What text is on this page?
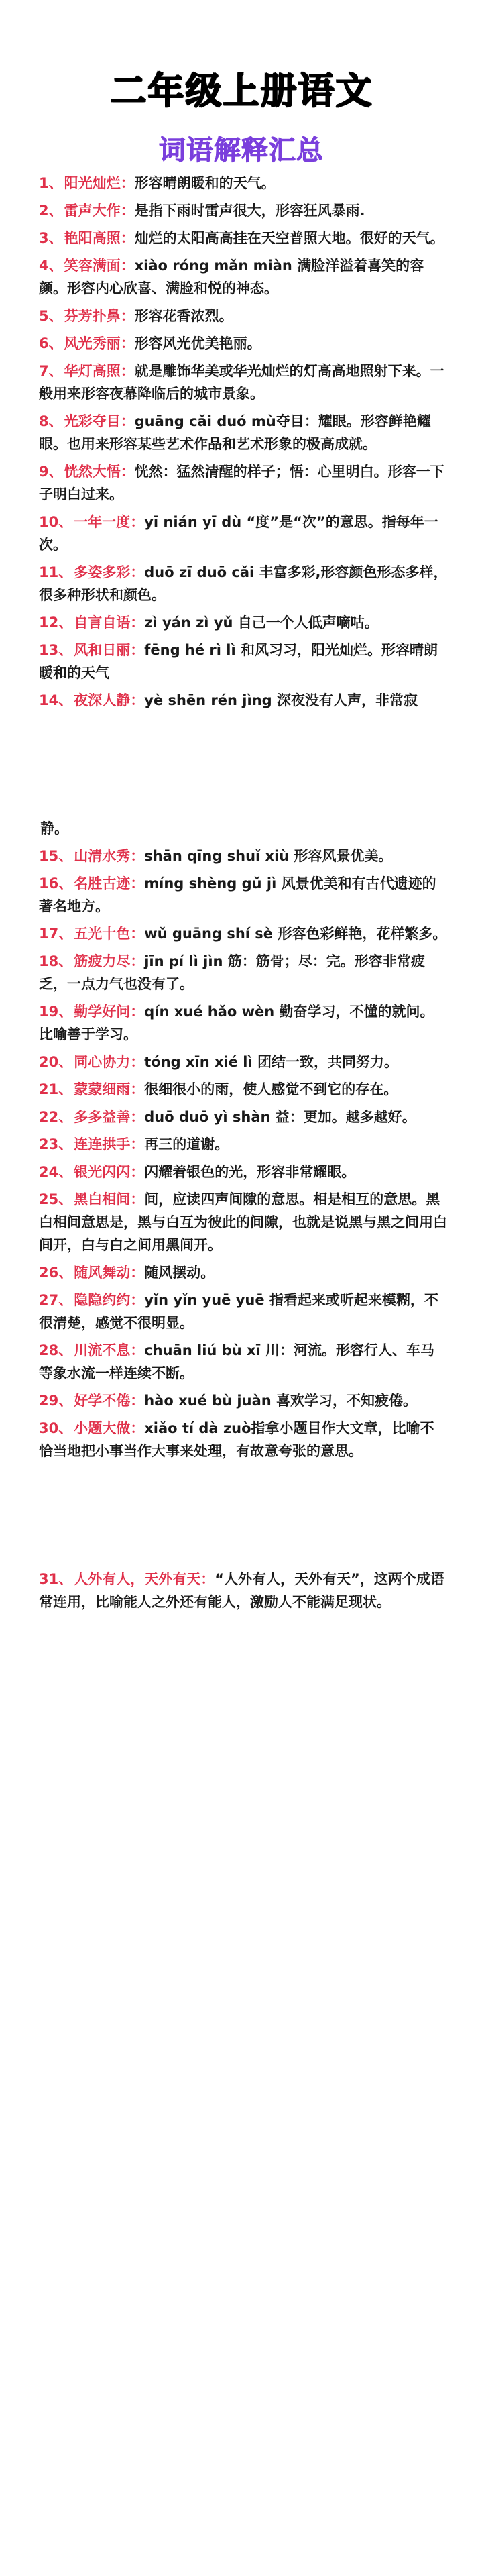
二年级上册语文
词语解释汇总
1、阳光灿烂：形容晴朗暖和的天气。
2、雷声大作：是指下雨时雷声很大，形容狂风暴雨.
3、艳阳高照：灿烂的太阳高高挂在天空普照大地。很好的天气。
4、笑容满面：xiào róng mǎn miàn 满脸洋溢着喜笑的容颜。形容内心欣喜、满脸和悦的神态。
5、芬芳扑鼻：形容花香浓烈。
6、风光秀丽：形容风光优美艳丽。
7、华灯高照：就是雕饰华美或华光灿烂的灯高高地照射下来。一般用来形容夜幕降临后的城市景象。
8、光彩夺目：guāng cǎi duó mù夺目：耀眼。形容鲜艳耀眼。也用来形容某些艺术作品和艺术形象的极高成就。
9、恍然大悟：恍然：猛然清醒的样子；悟：心里明白。形容一下子明白过来。
10、一年一度：yī nián yī dù “度”是“次”的意思。指每年一次。
11、多姿多彩：duō zī duō cǎi 丰富多彩,形容颜色形态多样，很多种形状和颜色。
12、自言自语：zì yán zì yǔ 自己一个人低声嘀咕。
13、风和日丽：fēng hé rì lì 和风习习，阳光灿烂。形容晴朗暖和的天气
14、夜深人静：yè shēn rén jìng 深夜没有人声，非常寂
静。
15、山清水秀：shān qīng shuǐ xiù 形容风景优美。
16、名胜古迹：míng shèng gǔ jì 风景优美和有古代遗迹的著名地方。
17、五光十色：wǔ guāng shí sè 形容色彩鲜艳，花样繁多。
18、筋疲力尽：jīn pí lì jìn 筋：筋骨；尽：完。形容非常疲乏，一点力气也没有了。
19、勤学好问：qín xué hǎo wèn 勤奋学习，不懂的就问。比喻善于学习。
20、同心协力：tóng xīn xié lì 团结一致，共同努力。
21、蒙蒙细雨：很细很小的雨，使人感觉不到它的存在。
22、多多益善：duō duō yì shàn 益：更加。越多越好。
23、连连拱手：再三的道谢。
24、银光闪闪：闪耀着银色的光，形容非常耀眼。
25、黑白相间：间，应读四声间隙的意思。相是相互的意思。黑白相间意思是，黑与白互为彼此的间隙，也就是说黑与黑之间用白间开，白与白之间用黑间开。
26、随风舞动：随风摆动。
27、隐隐约约：yǐn yǐn yuē yuē 指看起来或听起来模糊，不很清楚，感觉不很明显。
28、川流不息：chuān liú bù xī 川：河流。形容行人、车马等象水流一样连续不断。
29、好学不倦：hào xué bù juàn 喜欢学习，不知疲倦。
30、小题大做：xiǎo tí dà zuò指拿小题目作大文章，比喻不恰当地把小事当作大事来处理，有故意夸张的意思。
31、人外有人，天外有天：“人外有人，天外有天”，这两个成语常连用，比喻能人之外还有能人，激励人不能满足现状。
